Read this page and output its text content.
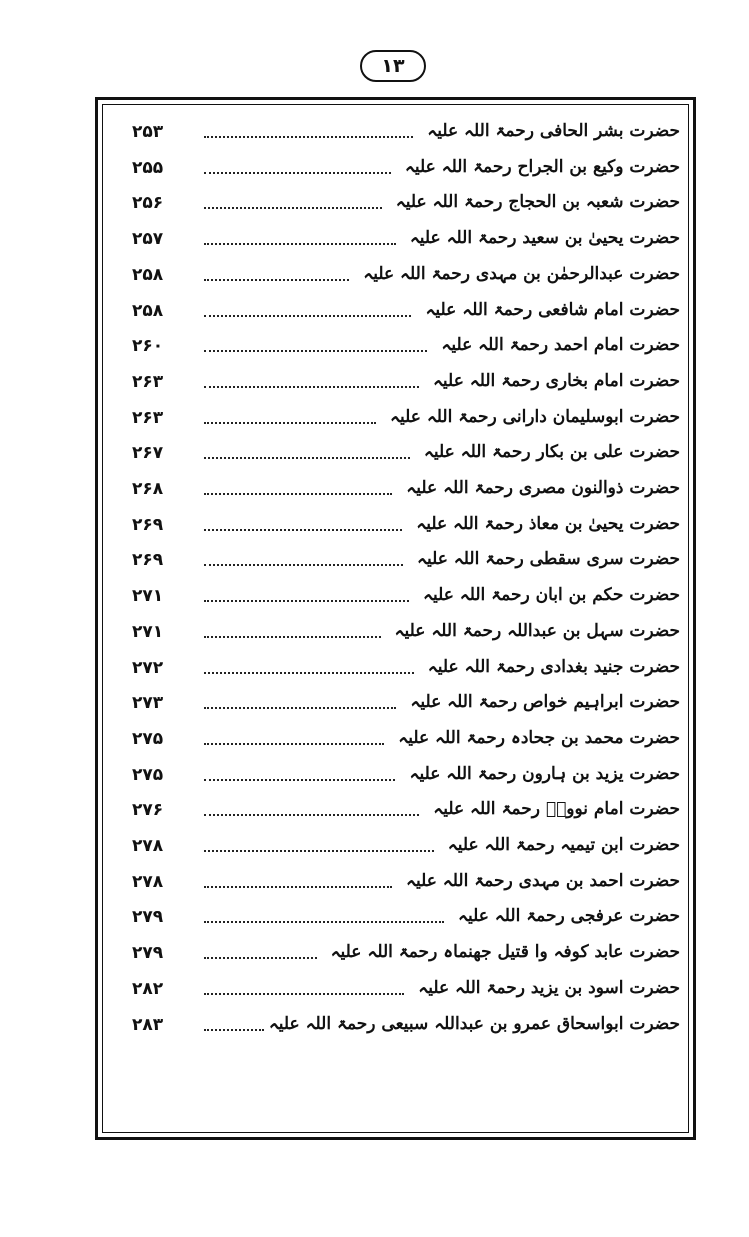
١٣
حضرت بشر الحافی رحمۃ اللہ علیہ
۲۵۳
حضرت وکیع بن الجراح رحمۃ اللہ علیہ
۲۵۵
حضرت شعبہ بن الحجاج رحمۃ اللہ علیہ
۲۵۶
حضرت یحییٰ بن سعید رحمۃ اللہ علیہ
۲۵۷
حضرت عبدالرحمٰن بن مہدی رحمۃ اللہ علیہ
۲۵۸
حضرت امام شافعی رحمۃ اللہ علیہ
۲۵۸
حضرت امام احمد رحمۃ اللہ علیہ
۲۶۰
حضرت امام بخاری رحمۃ اللہ علیہ
۲۶۳
حضرت ابوسلیمان دارانی رحمۃ اللہ علیہ
۲۶۳
حضرت علی بن بکار رحمۃ اللہ علیہ
۲۶۷
حضرت ذوالنون مصری رحمۃ اللہ علیہ
۲۶۸
حضرت یحییٰ بن معاذ رحمۃ اللہ علیہ
۲۶۹
حضرت سری سقطی رحمۃ اللہ علیہ
۲۶۹
حضرت حکم بن ابان رحمۃ اللہ علیہ
۲۷۱
حضرت سہل بن عبداللہ رحمۃ اللہ علیہ
۲۷۱
حضرت جنید بغدادی رحمۃ اللہ علیہ
۲۷۲
حضرت ابراہیم خواص رحمۃ اللہ علیہ
۲۷۳
حضرت محمد بن جحادہ رحمۃ اللہ علیہ
۲۷۵
حضرت یزید بن ہارون رحمۃ اللہ علیہ
۲۷۵
حضرت امام نوویؒ رحمۃ اللہ علیہ
۲۷۶
حضرت ابن تیمیہ رحمۃ اللہ علیہ
۲۷۸
حضرت احمد بن مہدی رحمۃ اللہ علیہ
۲۷۸
حضرت عرفجی رحمۃ اللہ علیہ
۲۷۹
حضرت عابد کوفہ وا قتیل جھنماہ رحمۃ اللہ علیہ
۲۷۹
حضرت اسود بن یزید رحمۃ اللہ علیہ
۲۸۲
حضرت ابواسحاق عمرو بن عبداللہ سبیعی رحمۃ اللہ علیہ
۲۸۳
